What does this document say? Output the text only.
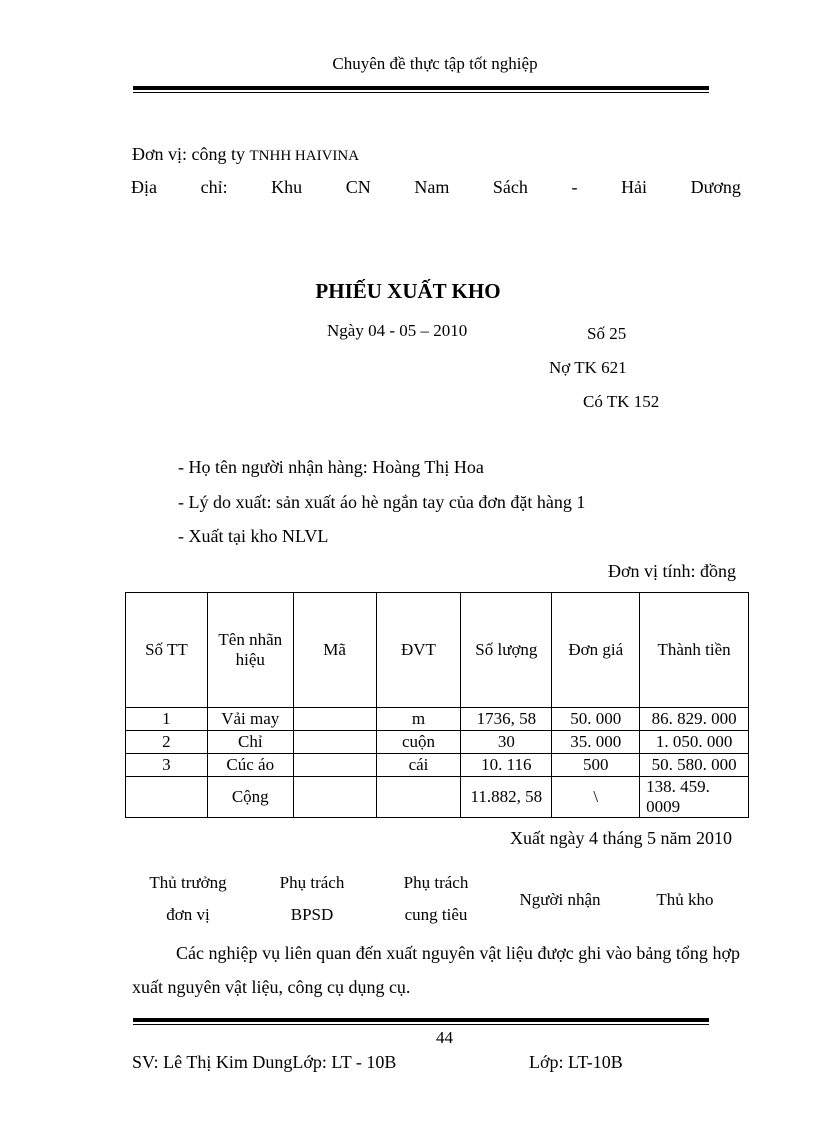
Chuyên đề thực tập tốt nghiệp
Đơn vị: công ty TNHH HAIVINA
Địa chỉ: Khu CN Nam Sách - Hải Dương
PHIẾU XUẤT KHO
Ngày 04 - 05 – 2010	Số 25
Nợ TK 621
Có TK 152
- Họ tên người nhận hàng: Hoàng Thị Hoa
- Lý do xuất: sản xuất áo hè ngắn tay của đơn đặt hàng 1
- Xuất tại kho NLVL
Đơn vị tính: đồng
Số TT	Tên nhãn hiệu	Mã	ĐVT	Số lượng	Đơn giá	Thành tiền
1	Vải may		m	1736, 58	50. 000	86. 829. 000
2	Chỉ		cuộn	30	35. 000	1. 050. 000
3	Cúc áo		cái	10. 116	500	50. 580. 000
	Cộng			11.882, 58	\	138. 459. 0009
Xuất ngày 4 tháng 5 năm 2010
Thủ trưởng
đơn vị
Phụ trách
BPSD
Phụ trách
cung tiêu
Người nhận	Thủ kho
Các nghiệp vụ liên quan đến xuất nguyên vật liệu được ghi vào bảng tổng hợp xuất nguyên vật liệu, công cụ dụng cụ.
44
SV: Lê Thị Kim DungLớp: LT - 10B	Lớp: LT-10B
